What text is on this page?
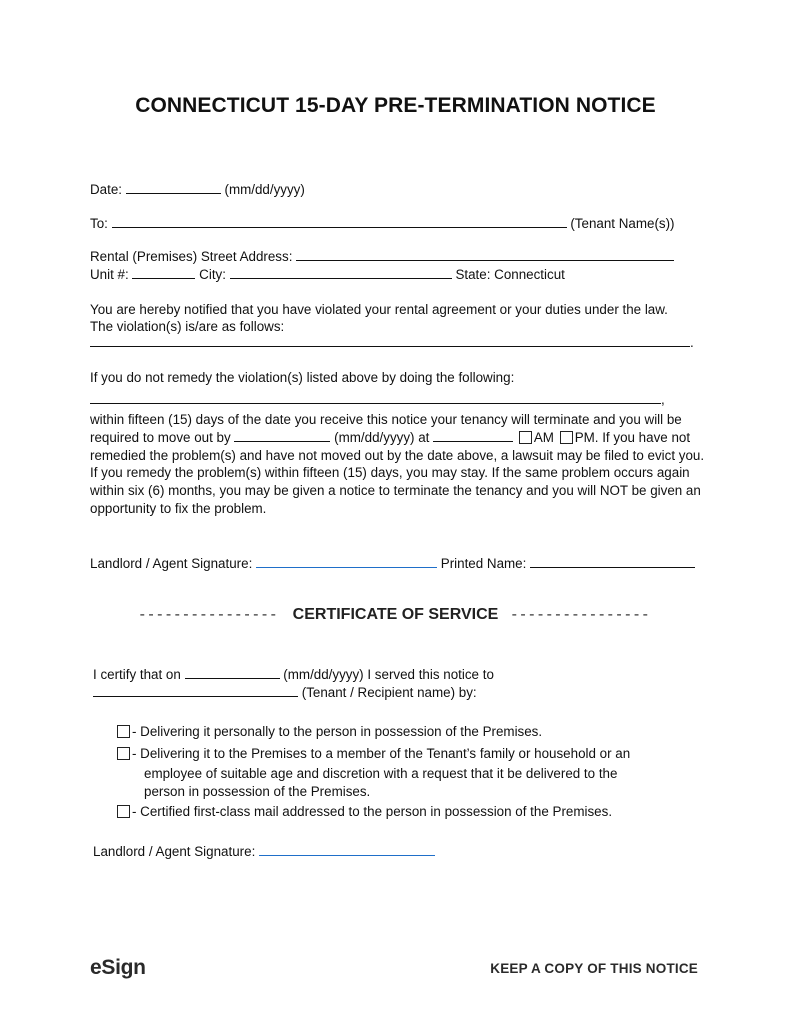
CONNECTICUT 15-DAY PRE-TERMINATION NOTICE
Date:	(mm/dd/yyyy)
To:	(Tenant Name(s))
Rental (Premises) Street Address:
Unit #:	City:	State: Connecticut
You are hereby notified that you have violated your rental agreement or your duties under the law.
The violation(s) is/are as follows:
.
If you do not remedy the violation(s) listed above by doing the following:
,
within fifteen (15) days of the date you receive this notice your tenancy will terminate and you will be required to move out by	(mm/dd/yyyy) at	AM PM. If you have not remedied the problem(s) and have not moved out by the date above, a lawsuit may be filed to evict you. If you remedy the problem(s) within fifteen (15) days, you may stay. If the same problem occurs again within six (6) months, you may be given a notice to terminate the tenancy and you will NOT be given an opportunity to fix the problem.
Landlord / Agent Signature:	Printed Name:
---------------- CERTIFICATE OF SERVICE ----------------
I certify that on	(mm/dd/yyyy) I served this notice to
(Tenant / Recipient name) by:
- Delivering it personally to the person in possession of the Premises.
- Delivering it to the Premises to a member of the Tenant’s family or household or an
employee of suitable age and discretion with a request that it be delivered to the
person in possession of the Premises.
- Certified first-class mail addressed to the person in possession of the Premises.
Landlord / Agent Signature:
eSign	KEEP A COPY OF THIS NOTICE
